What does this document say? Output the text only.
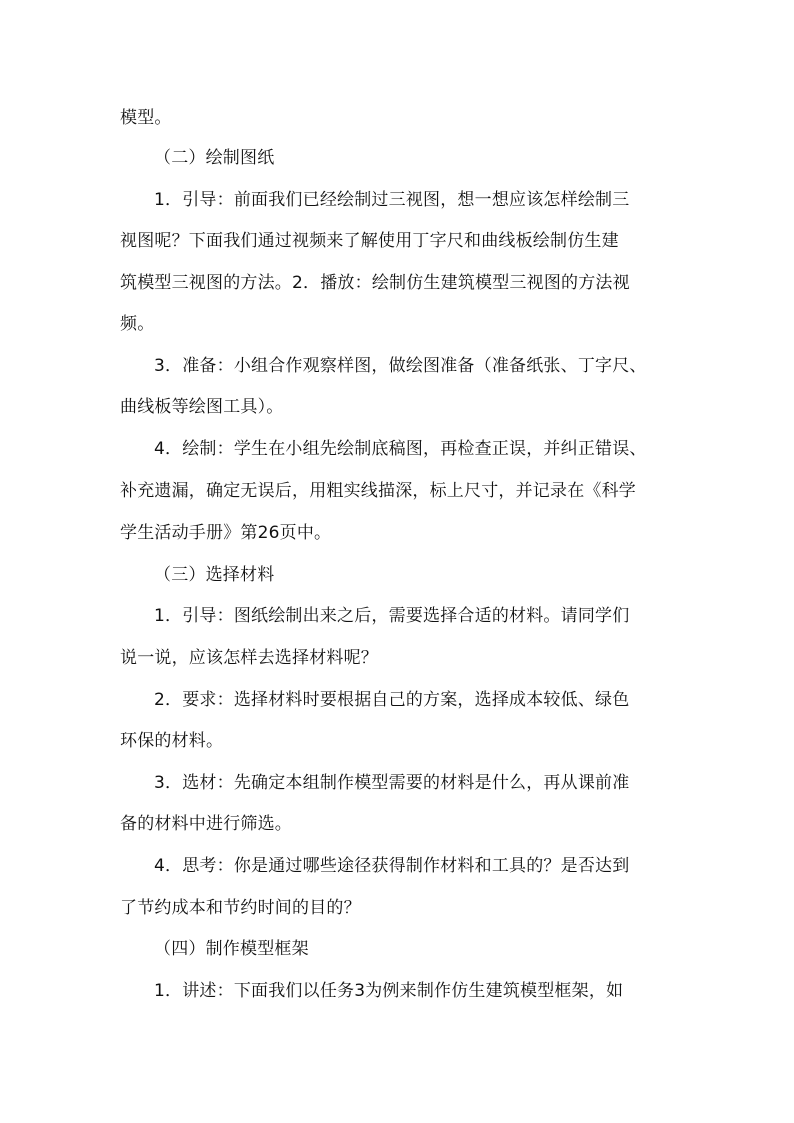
模型。
（二）绘制图纸
1．引导：前面我们已经绘制过三视图，想一想应该怎样绘制三
视图呢？下面我们通过视频来了解使用丁字尺和曲线板绘制仿生建
筑模型三视图的方法。2．播放：绘制仿生建筑模型三视图的方法视
频。
3．准备：小组合作观察样图，做绘图准备（准备纸张、丁字尺、
曲线板等绘图工具）。
4．绘制：学生在小组先绘制底稿图，再检查正误，并纠正错误、
补充遗漏，确定无误后，用粗实线描深，标上尺寸，并记录在《科学
学生活动手册》第26页中。
（三）选择材料
1．引导：图纸绘制出来之后，需要选择合适的材料。请同学们
说一说，应该怎样去选择材料呢？
2．要求：选择材料时要根据自己的方案，选择成本较低、绿色
环保的材料。
3．选材：先确定本组制作模型需要的材料是什么，再从课前准
备的材料中进行筛选。
4．思考：你是通过哪些途径获得制作材料和工具的？是否达到
了节约成本和节约时间的目的？
（四）制作模型框架
1．讲述：下面我们以任务3为例来制作仿生建筑模型框架，如
